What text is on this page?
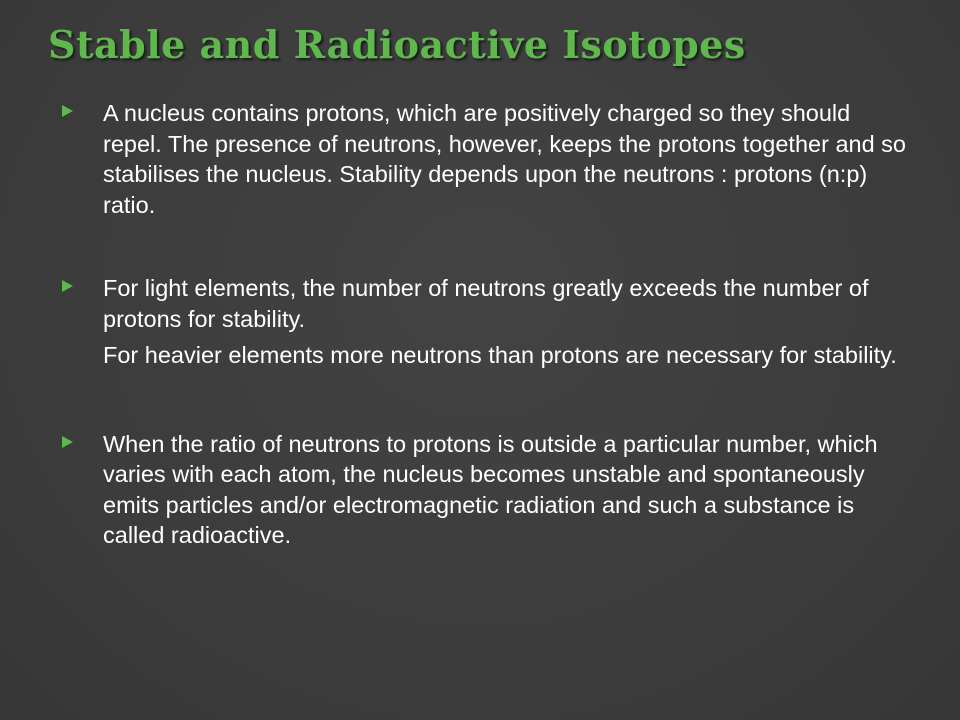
Stable and Radioactive Isotopes

A nucleus contains protons, which are positively charged so they should repel. The presence of neutrons, however, keeps the protons together and so stabilises the nucleus. Stability depends upon the neutrons : protons (n:p) ratio.

For light elements, the number of neutrons greatly exceeds the number of protons for stability.

For heavier elements more neutrons than protons are necessary for stability.

When the ratio of neutrons to protons is outside a particular number, which varies with each atom, the nucleus becomes unstable and spontaneously emits particles and/or electromagnetic radiation and such a substance is called radioactive.
